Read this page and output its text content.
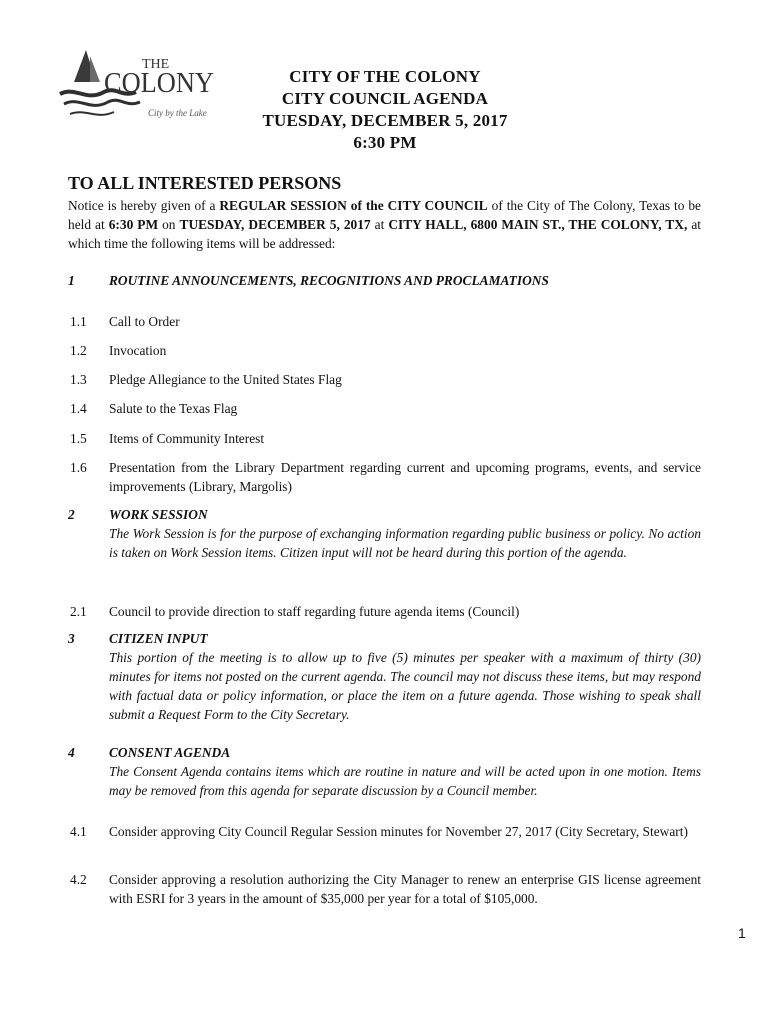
THE
COLONY
City by the Lake
CITY OF THE COLONY
CITY COUNCIL AGENDA
TUESDAY, DECEMBER 5, 2017
6:30 PM
TO ALL INTERESTED PERSONS
Notice is hereby given of a REGULAR SESSION of the CITY COUNCIL of the City of The Colony, Texas to be held at 6:30 PM on TUESDAY, DECEMBER 5, 2017 at CITY HALL, 6800 MAIN ST., THE COLONY, TX, at which time the following items will be addressed:
1	ROUTINE ANNOUNCEMENTS, RECOGNITIONS AND PROCLAMATIONS
1.1	Call to Order
1.2	Invocation
1.3	Pledge Allegiance to the United States Flag
1.4	Salute to the Texas Flag
1.5	Items of Community Interest
1.6	Presentation from the Library Department regarding current and upcoming programs, events, and service improvements (Library, Margolis)
2	WORK SESSION
The Work Session is for the purpose of exchanging information regarding public business or policy. No action is taken on Work Session items. Citizen input will not be heard during this portion of the agenda.
2.1	Council to provide direction to staff regarding future agenda items (Council)
3	CITIZEN INPUT
This portion of the meeting is to allow up to five (5) minutes per speaker with a maximum of thirty (30) minutes for items not posted on the current agenda. The council may not discuss these items, but may respond with factual data or policy information, or place the item on a future agenda. Those wishing to speak shall submit a Request Form to the City Secretary.
4	CONSENT AGENDA
The Consent Agenda contains items which are routine in nature and will be acted upon in one motion. Items may be removed from this agenda for separate discussion by a Council member.
4.1	Consider approving City Council Regular Session minutes for November 27, 2017 (City Secretary, Stewart)
4.2	Consider approving a resolution authorizing the City Manager to renew an enterprise GIS license agreement with ESRI for 3 years in the amount of $35,000 per year for a total of $105,000.
1
